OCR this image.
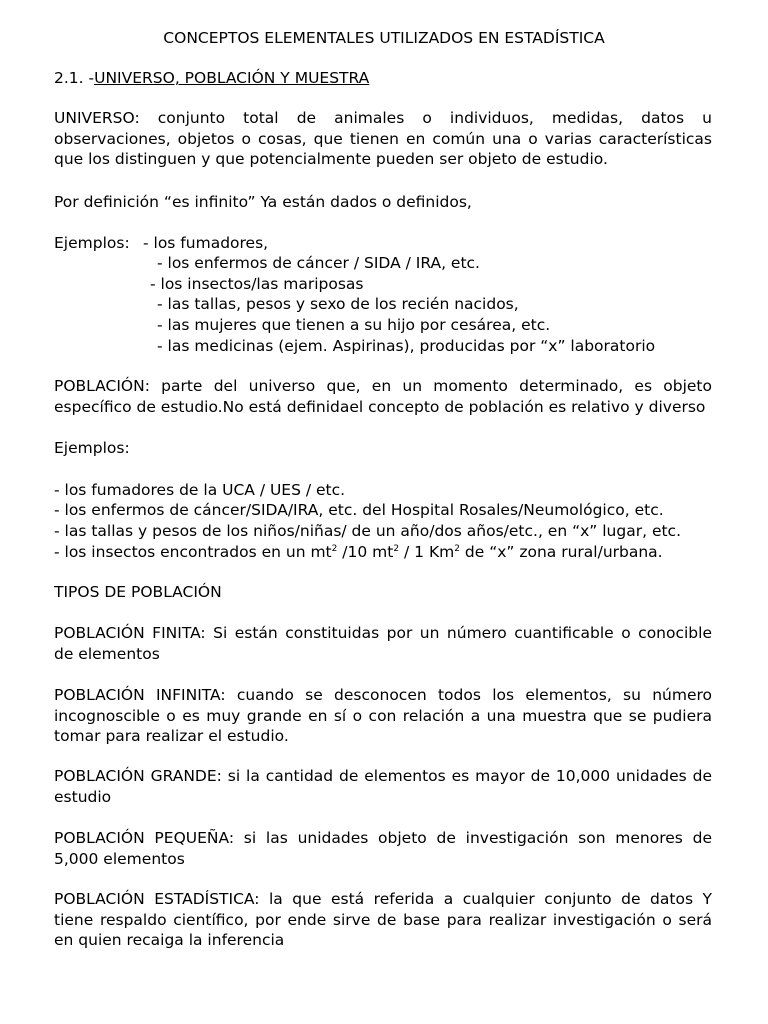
CONCEPTOS ELEMENTALES UTILIZADOS EN ESTADÍSTICA
2.1. -UNIVERSO, POBLACIÓN Y MUESTRA
UNIVERSO: conjunto total de animales o individuos, medidas, datos u
observaciones, objetos o cosas, que tienen en común una o varias características
que los distinguen y que potencialmente pueden ser objeto de estudio.
Por definición “es infinito” Ya están dados o definidos,
Ejemplos: - los fumadores,
- los enfermos de cáncer / SIDA / IRA, etc.
- los insectos/las mariposas
- las tallas, pesos y sexo de los recién nacidos,
- las mujeres que tienen a su hijo por cesárea, etc.
- las medicinas (ejem. Aspirinas), producidas por “x” laboratorio
POBLACIÓN: parte del universo que, en un momento determinado, es objeto
específico de estudio.No está definidael concepto de población es relativo y diverso
Ejemplos:
- los fumadores de la UCA / UES / etc.
- los enfermos de cáncer/SIDA/IRA, etc. del Hospital Rosales/Neumológico, etc.
- las tallas y pesos de los niños/niñas/ de un año/dos años/etc., en “x” lugar, etc.
- los insectos encontrados en un $mt^2$ /10 $mt^2 / 1$ Km$^2$ de “x” zona rural/urbana.
TIPOS DE POBLACIÓN
POBLACIÓN FINITA: Si están constituidas por un número cuantificable o conocible
de elementos
POBLACIÓN INFINITA: cuando se desconocen todos los elementos, su número
incognoscible o es muy grande en sí o con relación a una muestra que se pudiera
tomar para realizar el estudio.
POBLACIÓN GRANDE: si la cantidad de elementos es mayor de 10,000 unidades de
estudio
POBLACIÓN PEQUEÑA: si las unidades objeto de investigación son menores de
5,000 elementos
POBLACIÓN ESTADÍSTICA: la que está referida a cualquier conjunto de datos Y
tiene respaldo científico, por ende sirve de base para realizar investigación o será
en quien recaiga la inferencia
